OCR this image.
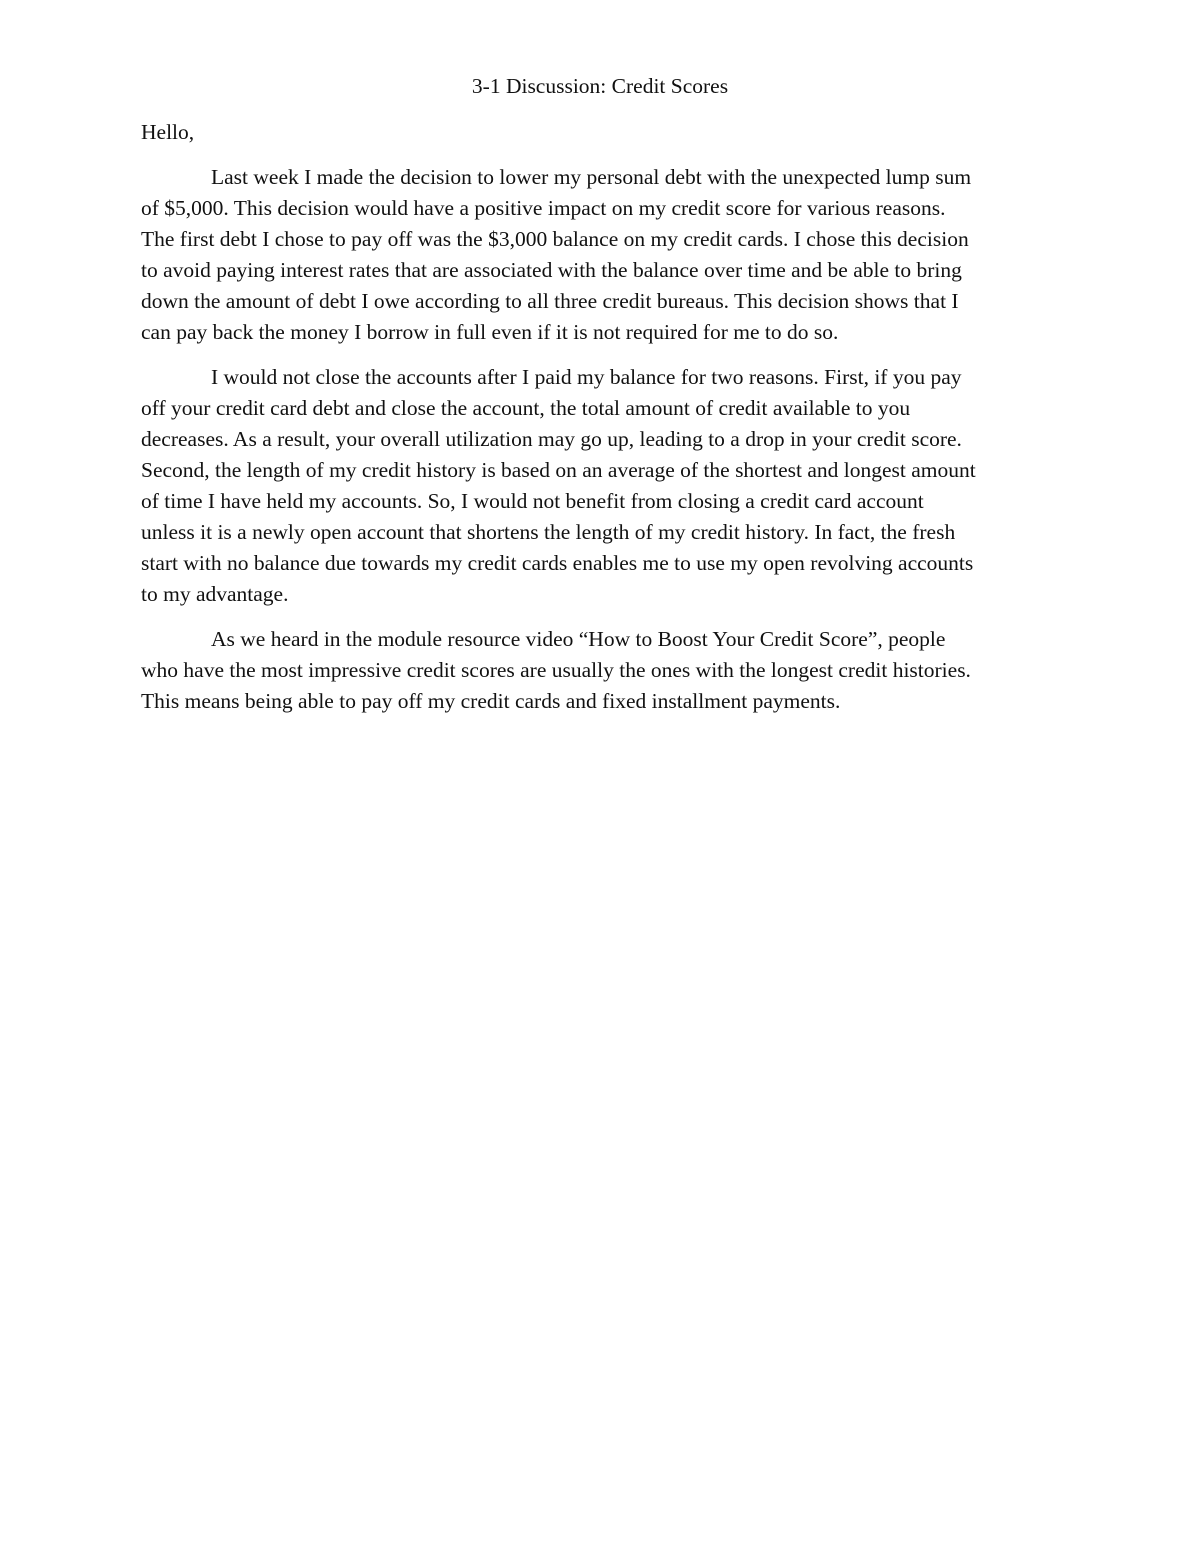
3-1 Discussion: Credit Scores

Hello,

Last week I made the decision to lower my personal debt with the unexpected lump sum
of $5,000. This decision would have a positive impact on my credit score for various reasons.
The first debt I chose to pay off was the $3,000 balance on my credit cards. I chose this decision
to avoid paying interest rates that are associated with the balance over time and be able to bring
down the amount of debt I owe according to all three credit bureaus. This decision shows that I
can pay back the money I borrow in full even if it is not required for me to do so.

I would not close the accounts after I paid my balance for two reasons. First, if you pay
off your credit card debt and close the account, the total amount of credit available to you
decreases. As a result, your overall utilization may go up, leading to a drop in your credit score.
Second, the length of my credit history is based on an average of the shortest and longest amount
of time I have held my accounts. So, I would not benefit from closing a credit card account
unless it is a newly open account that shortens the length of my credit history. In fact, the fresh
start with no balance due towards my credit cards enables me to use my open revolving accounts
to my advantage.

As we heard in the module resource video “How to Boost Your Credit Score”, people
who have the most impressive credit scores are usually the ones with the longest credit histories.
This means being able to pay off my credit cards and fixed installment payments.
